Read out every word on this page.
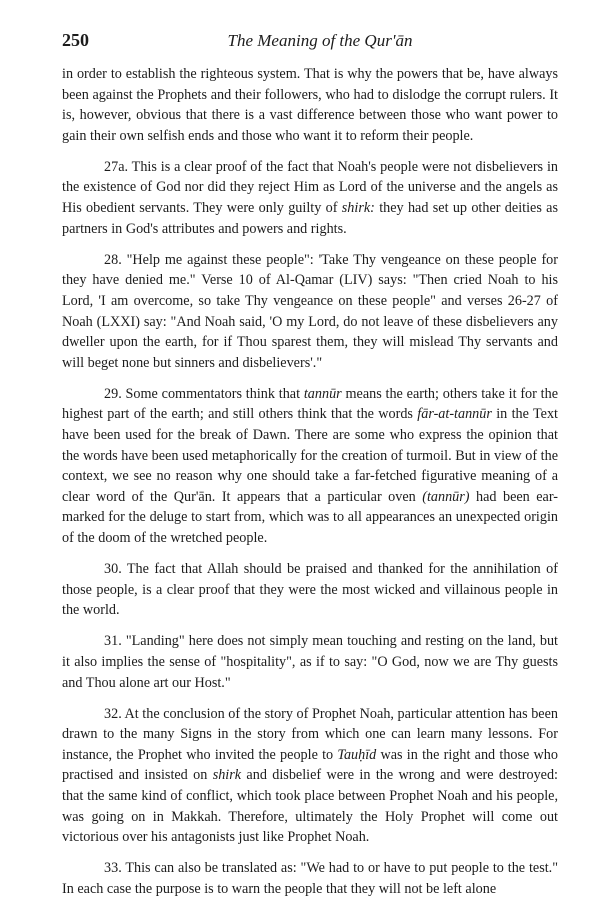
250	The Meaning of the Qur'ān

in order to establish the righteous system. That is why the powers that be, have always been against the Prophets and their followers, who had to dislodge the corrupt rulers. It is, however, obvious that there is a vast difference between those who want power to gain their own selfish ends and those who want it to reform their people.

27a. This is a clear proof of the fact that Noah's people were not disbelievers in the existence of God nor did they reject Him as Lord of the universe and the angels as His obedient servants. They were only guilty of shirk: they had set up other deities as partners in God's attributes and powers and rights.

28. "Help me against these people": 'Take Thy vengeance on these people for they have denied me." Verse 10 of Al-Qamar (LIV) says: "Then cried Noah to his Lord, 'I am overcome, so take Thy vengeance on these people" and verses 26-27 of Noah (LXXI) say: "And Noah said, 'O my Lord, do not leave of these disbelievers any dweller upon the earth, for if Thou sparest them, they will mislead Thy servants and will beget none but sinners and disbelievers'."

29. Some commentators think that tannūr means the earth; others take it for the highest part of the earth; and still others think that the words fār-at-tannūr in the Text have been used for the break of Dawn. There are some who express the opinion that the words have been used metaphorically for the creation of turmoil. But in view of the context, we see no reason why one should take a far-fetched figurative meaning of a clear word of the Qur'ān. It appears that a particular oven (tannūr) had been ear-marked for the deluge to start from, which was to all appearances an unexpected origin of the doom of the wretched people.

30. The fact that Allah should be praised and thanked for the annihilation of those people, is a clear proof that they were the most wicked and villainous people in the world.

31. "Landing" here does not simply mean touching and resting on the land, but it also implies the sense of "hospitality", as if to say: "O God, now we are Thy guests and Thou alone art our Host."

32. At the conclusion of the story of Prophet Noah, particular attention has been drawn to the many Signs in the story from which one can learn many lessons. For instance, the Prophet who invited the people to Tauḥīd was in the right and those who practised and insisted on shirk and disbelief were in the wrong and were destroyed: that the same kind of conflict, which took place between Prophet Noah and his people, was going on in Makkah. Therefore, ultimately the Holy Prophet will come out victorious over his antagonists just like Prophet Noah.

33. This can also be translated as: "We had to or have to put people to the test." In each case the purpose is to warn the people that they will not be left alone
